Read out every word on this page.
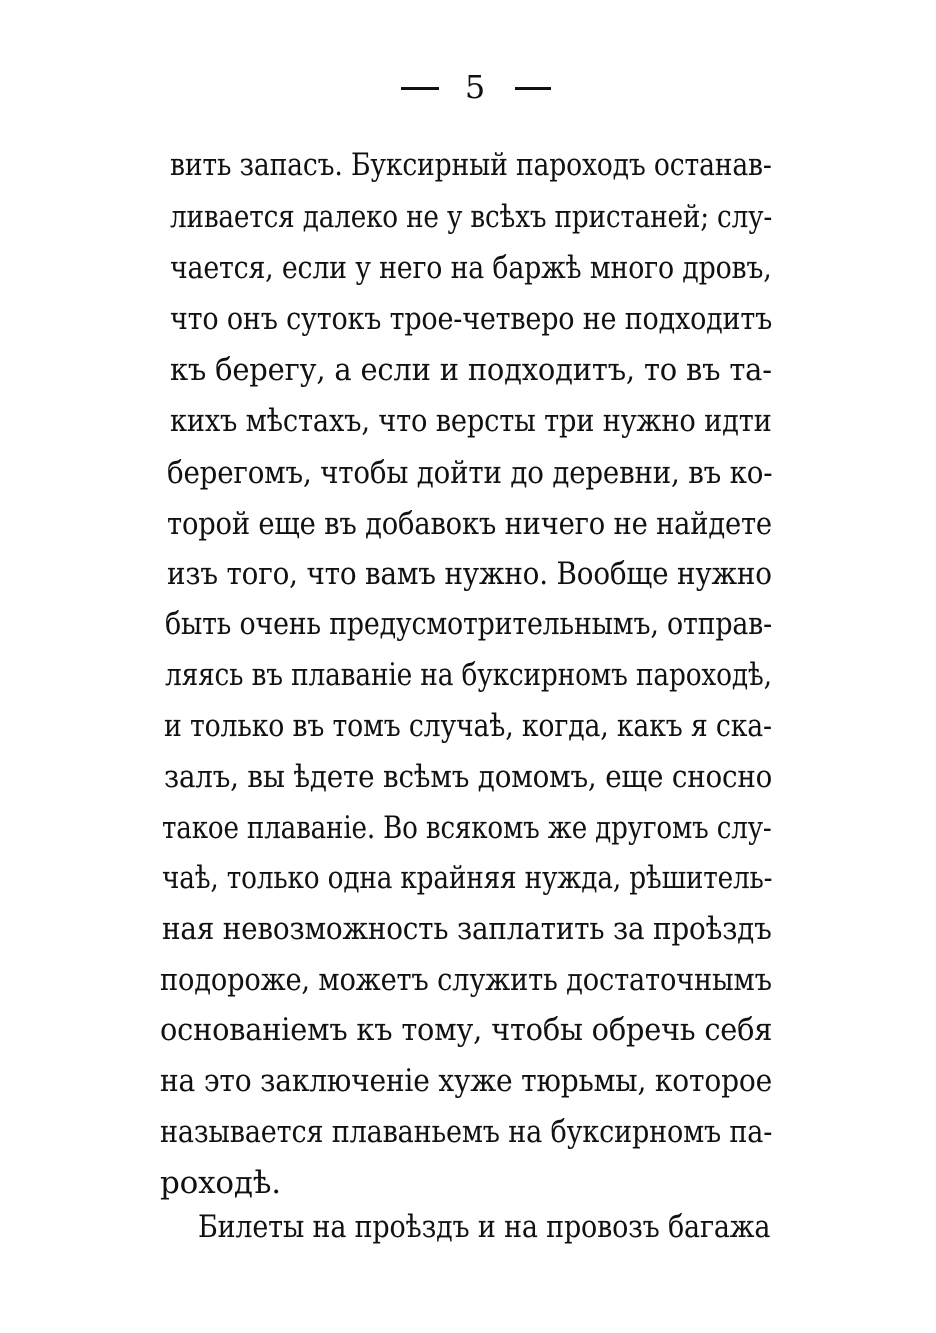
5
вить запасъ. Буксирный пароходъ останав-
ливается далеко не у всѣхъ пристаней; слу-
чается, если у него на баржѣ много дровъ,
что онъ сутокъ трое-четверо не подходитъ
къ берегу, а если и подходитъ, то въ та-
кихъ мѣстахъ, что версты три нужно идти
берегомъ, чтобы дойти до деревни, въ ко-
торой еще въ добавокъ ничего не найдете
изъ того, что вамъ нужно. Вообще нужно
быть очень предусмотрительнымъ, отправ-
ляясь въ плаваніе на буксирномъ пароходѣ,
и только въ томъ случаѣ, когда, какъ я ска-
залъ, вы ѣдете всѣмъ домомъ, еще сносно
такое плаваніе. Во всякомъ же другомъ слу-
чаѣ, только одна крайняя нужда, рѣшитель-
ная невозможность заплатить за проѣздъ
подороже, можетъ служить достаточнымъ
основаніемъ къ тому, чтобы обречь себя
на это заключеніе хуже тюрьмы, которое
называется плаваньемъ на буксирномъ па-
роходѣ.
Билеты на проѣздъ и на провозъ багажа
